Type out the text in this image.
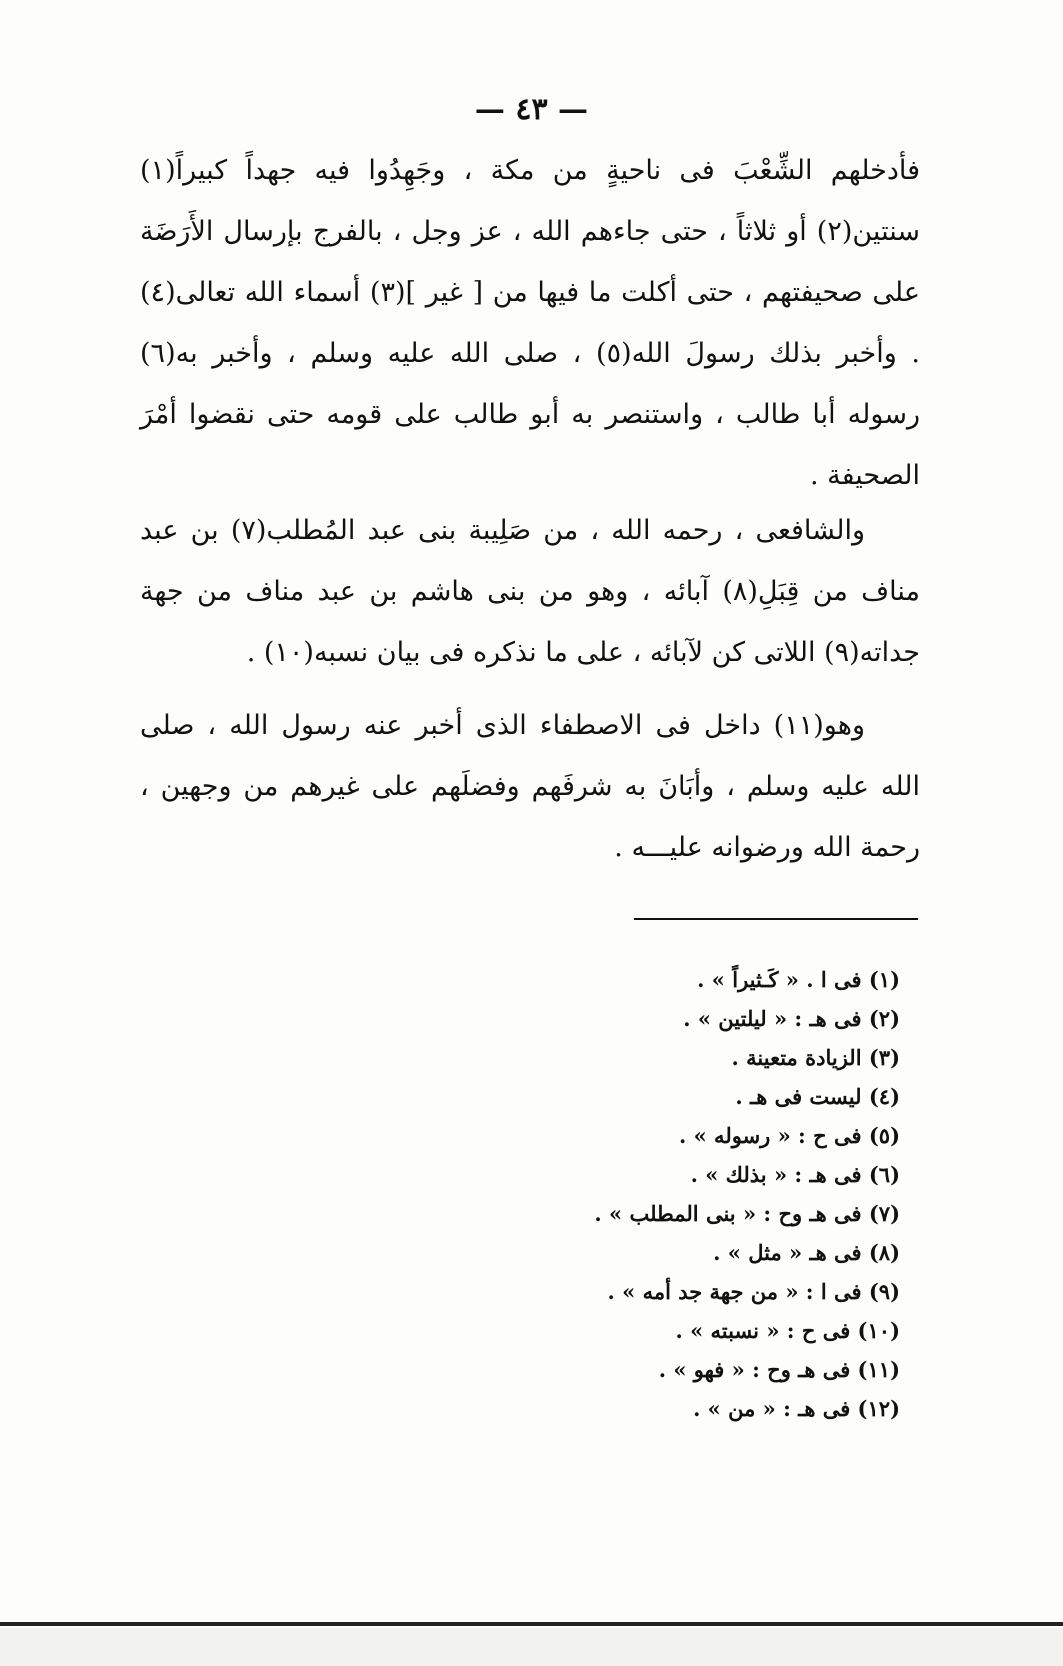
— ٤٣ —

فأدخلهم الشِّعْبَ فى ناحيةٍ من مكة ، وجَهِدُوا فيه جهداً كبيراً(١) سنتين(٢) أو ثلاثاً ، حتى جاءهم الله ، عز وجل ، بالفرج بإرسال الأَرَضَة على صحيفتهم ، حتى أكلت ما فيها من [ غير ](٣) أسماء الله تعالى(٤) . وأخبر بذلك رسولَ الله(٥) ، صلى الله عليه وسلم ، وأخبر به(٦) رسوله أبا طالب ، واستنصر به أبو طالب على قومه حتى نقضوا أمْرَ الصحيفة .

والشافعى ، رحمه الله ، من صَلِيبة بنى عبد المُطلب(٧) بن عبد مناف من قِبَلِ(٨) آبائه ، وهو من بنى هاشم بن عبد مناف من جهة جداته(٩) اللاتى كن لآبائه ، على ما نذكره فى بيان نسبه(١٠) .

وهو(١١) داخل فى الاصطفاء الذى أخبر عنه رسول الله ، صلى الله عليه وسلم ، وأبَانَ به شرفَهم وفضلَهم على غيرهم من وجهين ، رحمة الله ورضوانه عليـــه .

(١) فى ا . « كَـثيراً » .
(٢) فى هـ : « ليلتين » .
(٣) الزيادة متعينة .
(٤) ليست فى هـ .
(٥) فى ح : « رسوله » .
(٦) فى هـ : « بذلك » .
(٧) فى هـ وح : « بنى المطلب » .
(٨) فى هـ « مثل » .
(٩) فى ا : « من جهة جد أمه » .
(١٠) فى ح : « نسبته » .
(١١) فى هـ وح : « فهو » .
(١٢) فى هـ : « من » .
